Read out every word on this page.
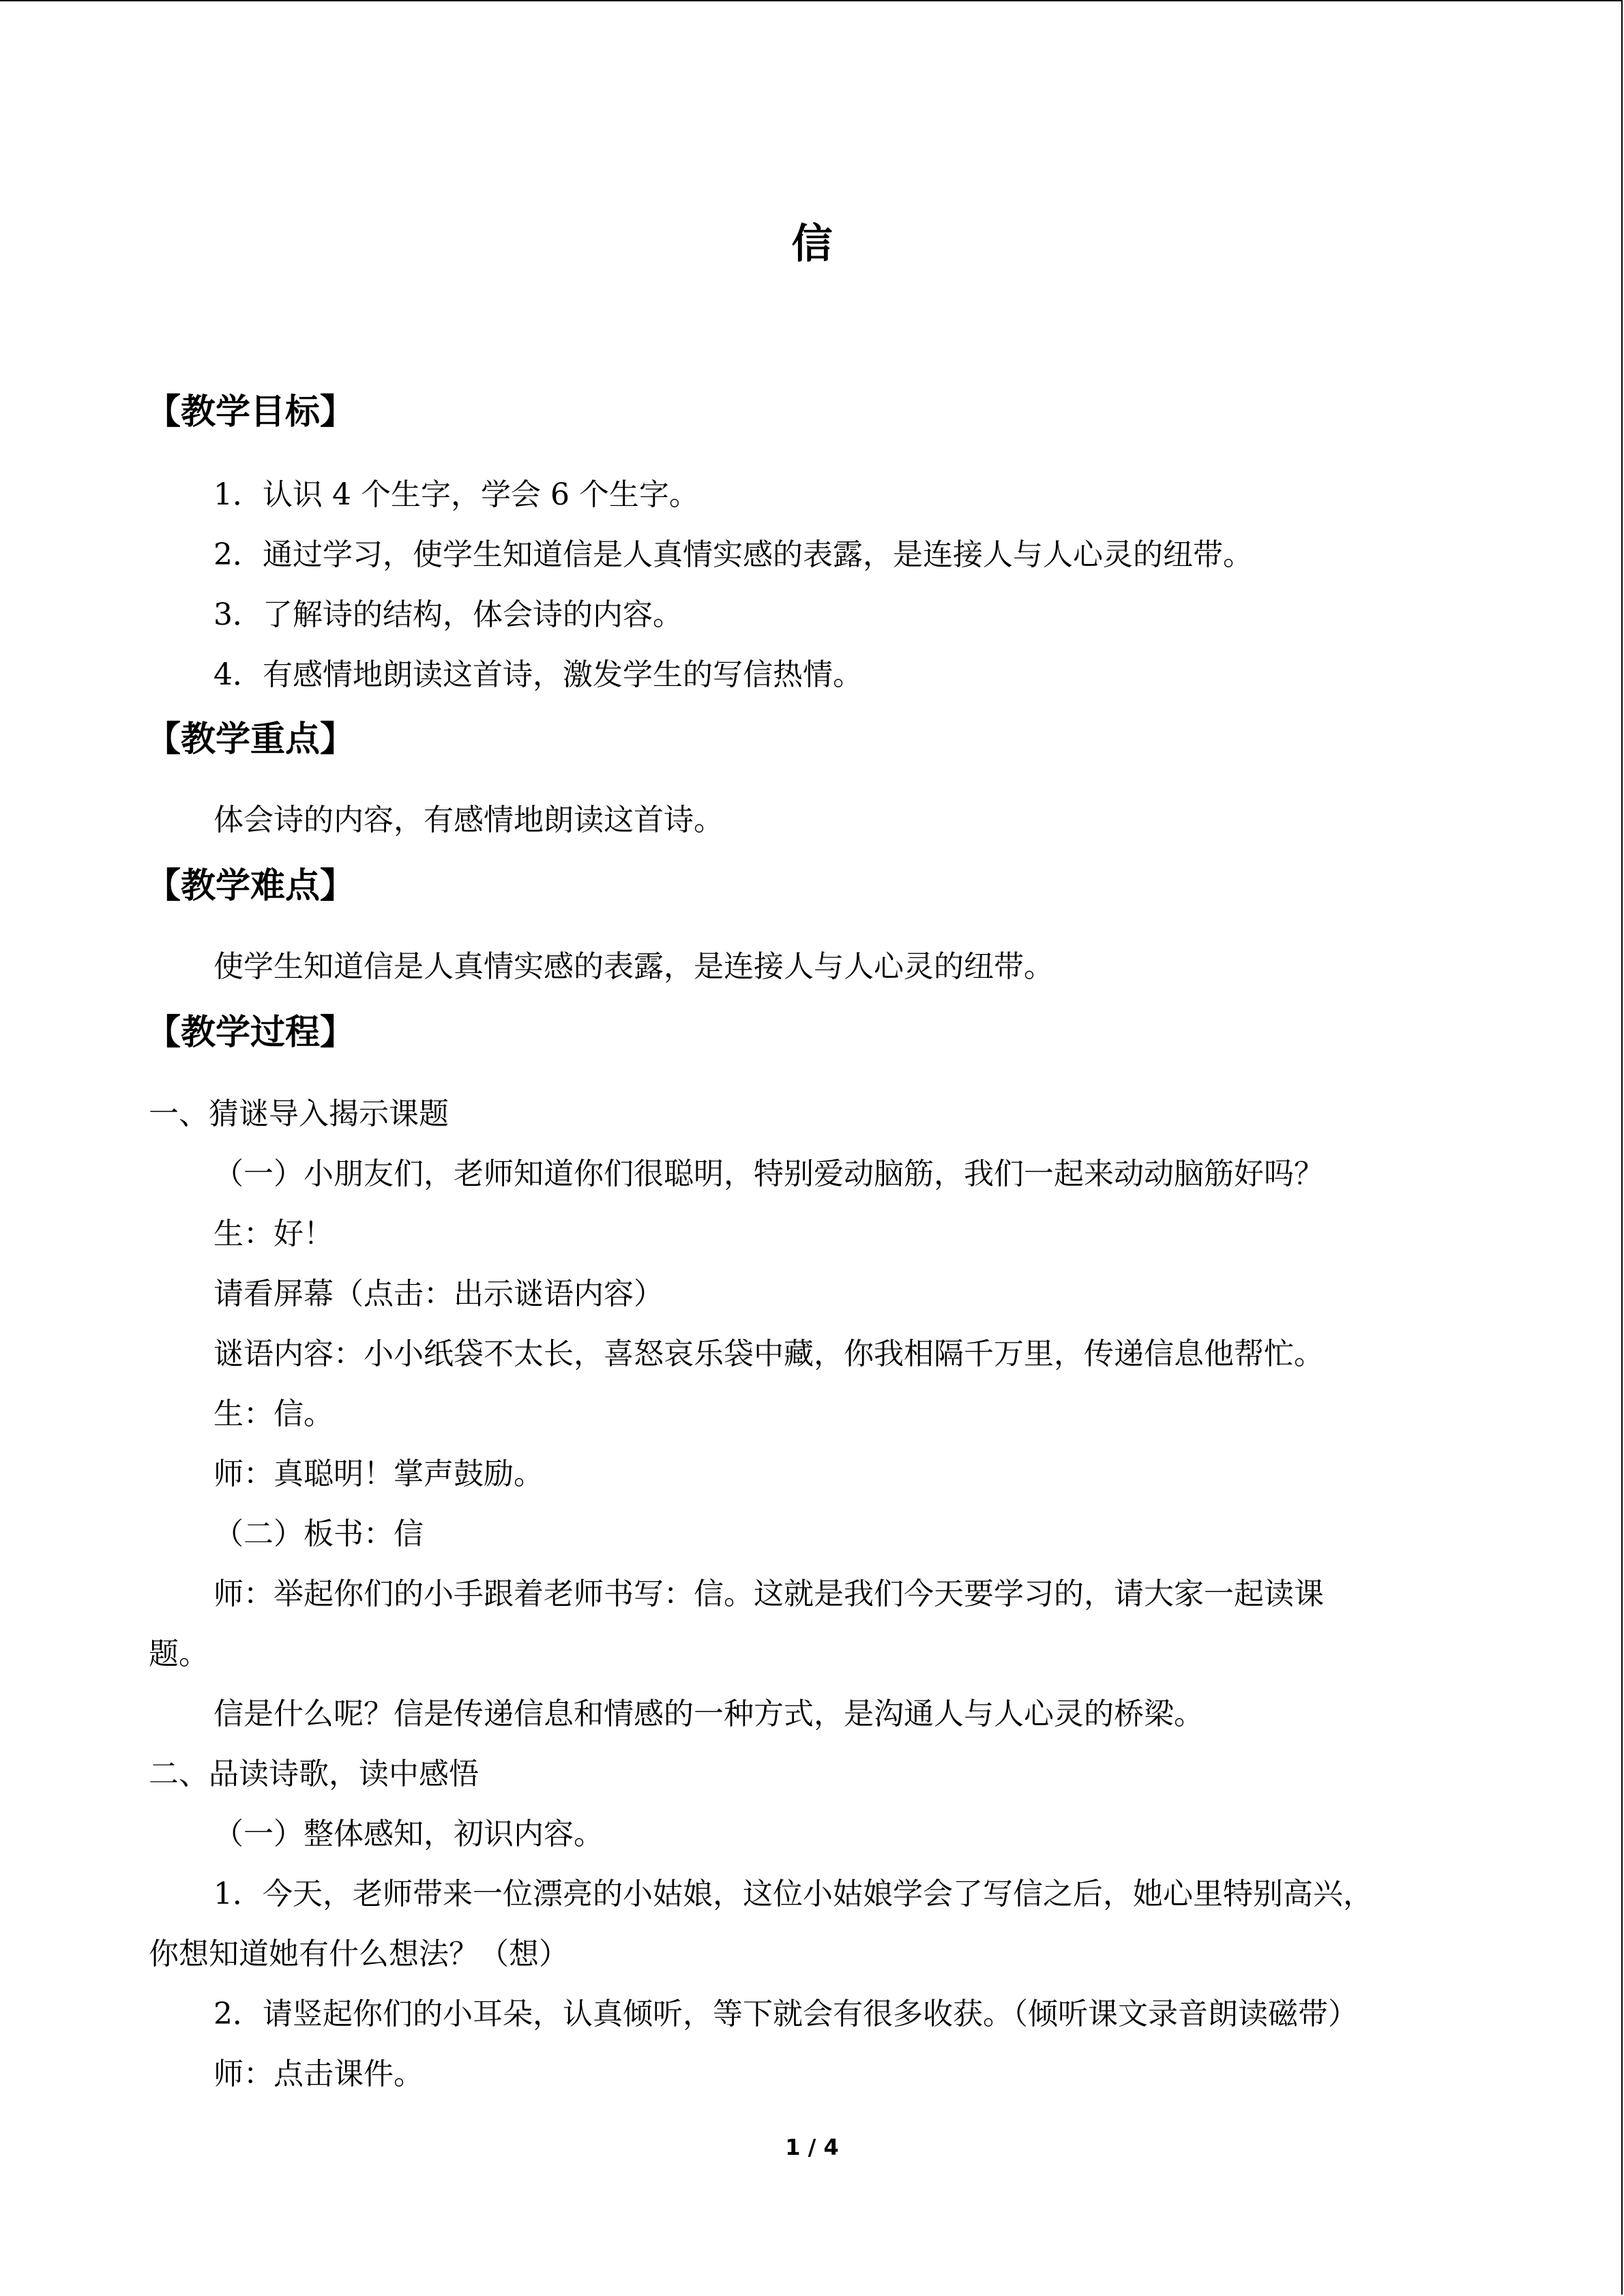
信
【教学目标】
1．认识 4 个生字，学会 6 个生字。
2．通过学习，使学生知道信是人真情实感的表露，是连接人与人心灵的纽带。
3．了解诗的结构，体会诗的内容。
4．有感情地朗读这首诗，激发学生的写信热情。
【教学重点】
体会诗的内容，有感情地朗读这首诗。
【教学难点】
使学生知道信是人真情实感的表露，是连接人与人心灵的纽带。
【教学过程】
一、猜谜导入揭示课题
（一）小朋友们，老师知道你们很聪明，特别爱动脑筋，我们一起来动动脑筋好吗？
生：好！
请看屏幕（点击：出示谜语内容）
谜语内容：小小纸袋不太长，喜怒哀乐袋中藏，你我相隔千万里，传递信息他帮忙。
生：信。
师：真聪明！掌声鼓励。
（二）板书：信
师：举起你们的小手跟着老师书写：信。这就是我们今天要学习的，请大家一起读课
题。
信是什么呢？信是传递信息和情感的一种方式，是沟通人与人心灵的桥梁。
二、品读诗歌，读中感悟
（一）整体感知，初识内容。
1．今天，老师带来一位漂亮的小姑娘，这位小姑娘学会了写信之后，她心里特别高兴，
你想知道她有什么想法？（想）
2．请竖起你们的小耳朵，认真倾听，等下就会有很多收获。（倾听课文录音朗读磁带）
师：点击课件。
1 / 4
